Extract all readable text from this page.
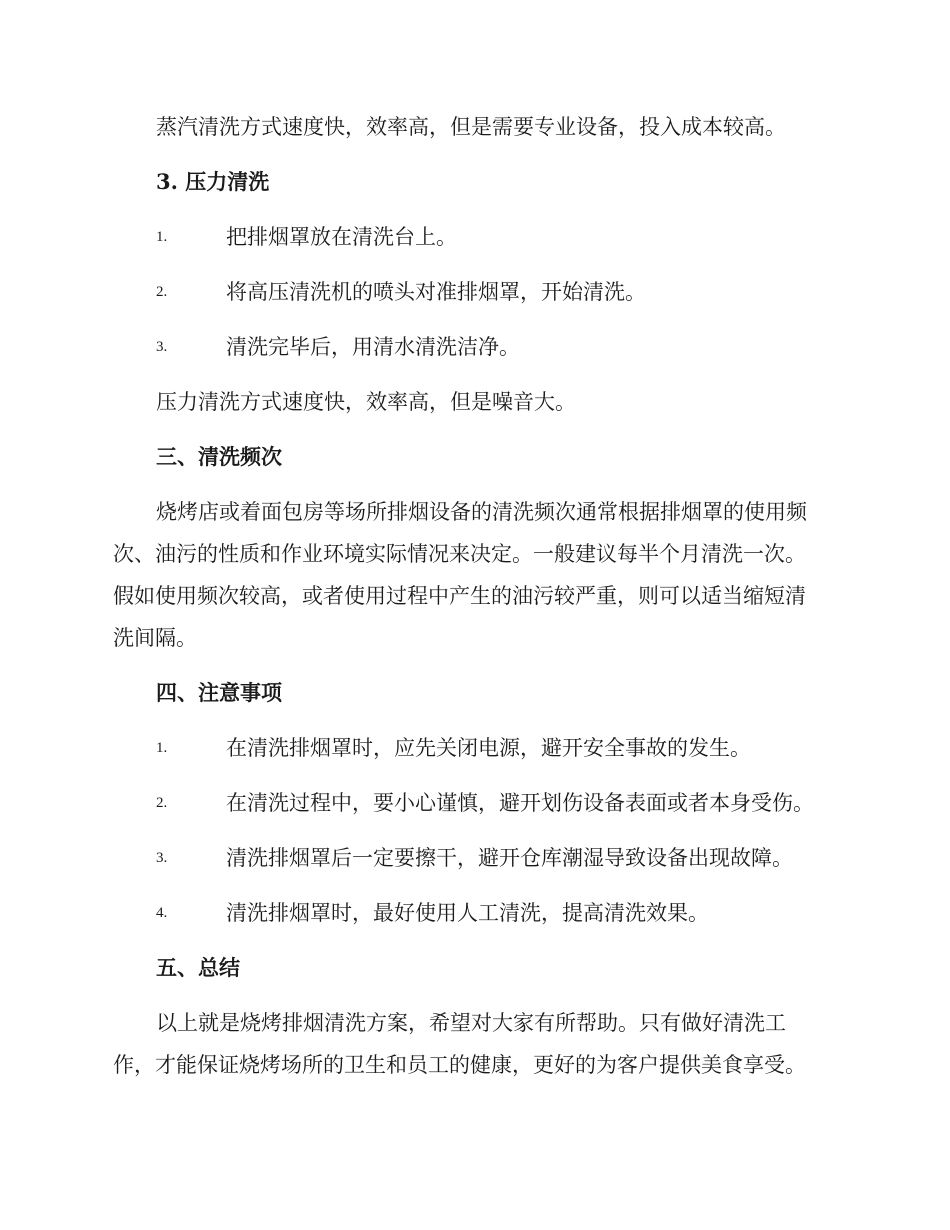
蒸汽清洗方式速度快，效率高，但是需要专业设备，投入成本较高。

3. 压力清洗

1.	把排烟罩放在清洗台上。
2.	将高压清洗机的喷头对准排烟罩，开始清洗。
3.	清洗完毕后，用清水清洗洁净。

压力清洗方式速度快，效率高，但是噪音大。

三、清洗频次

烧烤店或着面包房等场所排烟设备的清洗频次通常根据排烟罩的使用频

次、油污的性质和作业环境实际情况来决定。一般建议每半个月清洗一次。

假如使用频次较高，或者使用过程中产生的油污较严重，则可以适当缩短清

洗间隔。

四、注意事项

1.	在清洗排烟罩时，应先关闭电源，避开安全事故的发生。
2.	在清洗过程中，要小心谨慎，避开划伤设备表面或者本身受伤。
3.	清洗排烟罩后一定要擦干，避开仓库潮湿导致设备出现故障。
4.	清洗排烟罩时，最好使用人工清洗，提高清洗效果。

五、总结

以上就是烧烤排烟清洗方案，希望对大家有所帮助。只有做好清洗工

作，才能保证烧烤场所的卫生和员工的健康，更好的为客户提供美食享受。
